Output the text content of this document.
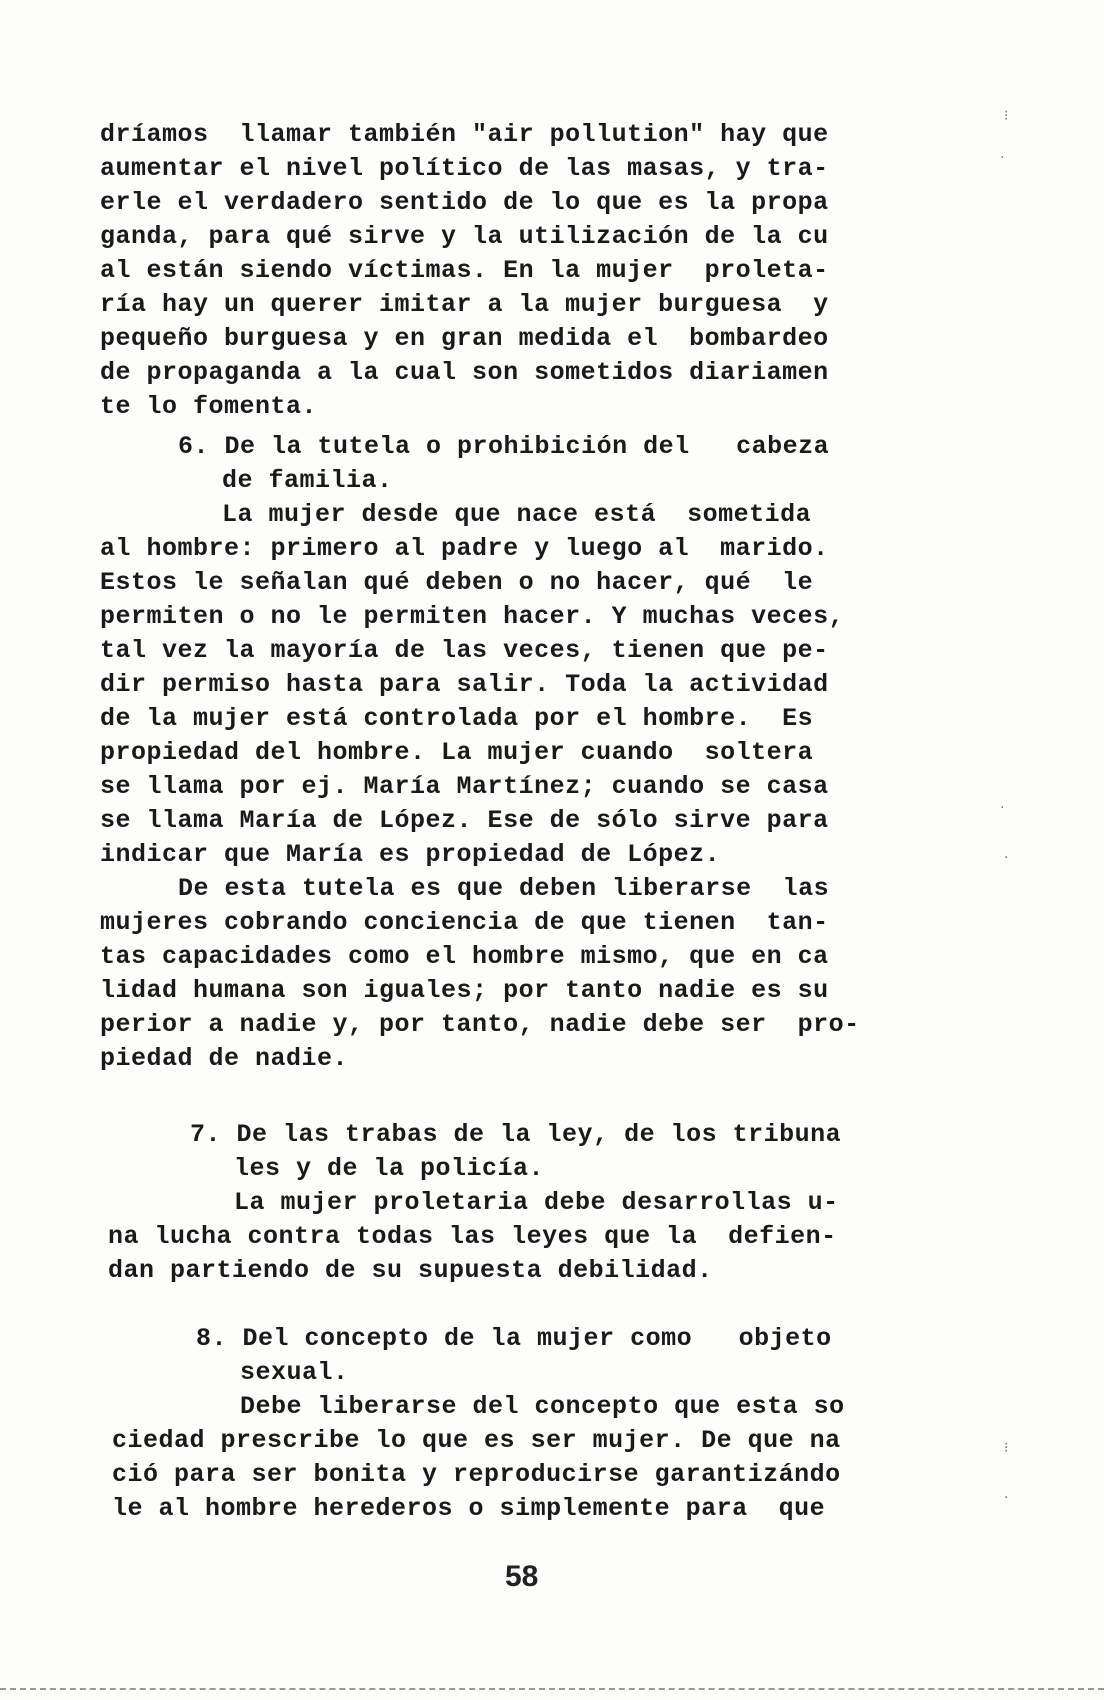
dríamos  llamar también "air pollution" hay que
aumentar el nivel político de las masas, y tra-
erle el verdadero sentido de lo que es la propa
ganda, para qué sirve y la utilización de la cu
al están siendo víctimas. En la mujer  proleta-
ría hay un querer imitar a la mujer burguesa  y
pequeño burguesa y en gran medida el  bombardeo
de propaganda a la cual son sometidos diariamen
te lo fomenta.
6. De la tutela o prohibición del   cabeza
de familia.
La mujer desde que nace está  sometida
al hombre: primero al padre y luego al  marido.
Estos le señalan qué deben o no hacer, qué  le
permiten o no le permiten hacer. Y muchas veces,
tal vez la mayoría de las veces, tienen que pe-
dir permiso hasta para salir. Toda la actividad
de la mujer está controlada por el hombre.  Es
propiedad del hombre. La mujer cuando  soltera
se llama por ej. María Martínez; cuando se casa
se llama María de López. Ese de sólo sirve para
indicar que María es propiedad de López.
De esta tutela es que deben liberarse  las
mujeres cobrando conciencia de que tienen  tan-
tas capacidades como el hombre mismo, que en ca
lidad humana son iguales; por tanto nadie es su
perior a nadie y, por tanto, nadie debe ser  pro-
piedad de nadie.
7. De las trabas de la ley, de los tribuna
les y de la policía.
La mujer proletaria debe desarrollas u-
na lucha contra todas las leyes que la  defien-
dan partiendo de su supuesta debilidad.
8. Del concepto de la mujer como   objeto
sexual.
Debe liberarse del concepto que esta so
ciedad prescribe lo que es ser mujer. De que na
ció para ser bonita y reproducirse garantizándo
le al hombre herederos o simplemente para  que
58
⁝
·
·
·
⁝
·
